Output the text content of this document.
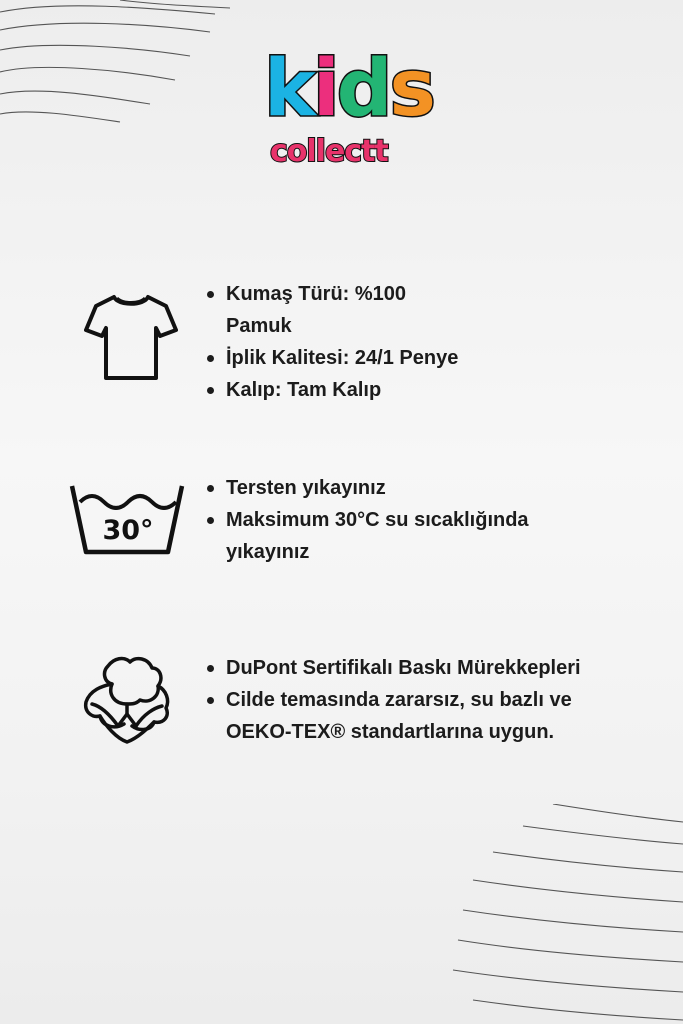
kids
collectt
Kumaş Türü: %100 Pamuk
İplik Kalitesi: 24/1 Penye
Kalıp: Tam Kalıp
30°
Tersten yıkayınız
Maksimum 30°C su sıcaklığında yıkayınız
DuPont Sertifikalı Baskı Mürekkepleri
Cilde temasında zararsız, su bazlı ve OEKO-TEX® standartlarına uygun.
